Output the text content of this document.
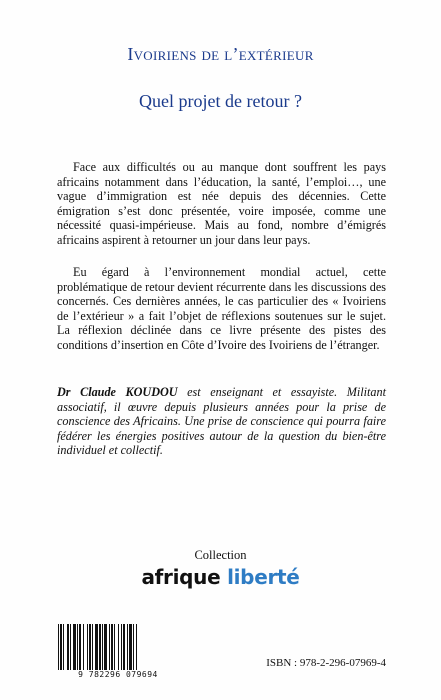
Ivoiriens de l’extérieur
Quel projet de retour ?

Face aux difficultés ou au manque dont souffrent les pays africains notamment dans l’éducation, la santé, l’emploi…, une vague d’immigration est née depuis des décennies. Cette émigration s’est donc présentée, voire imposée, comme une nécessité quasi-impérieuse. Mais au fond, nombre d’émigrés africains aspirent à retourner un jour dans leur pays.

Eu égard à l’environnement mondial actuel, cette problématique de retour devient récurrente dans les discussions des concernés. Ces dernières années, le cas particulier des « Ivoiriens de l’extérieur » a fait l’objet de réflexions soutenues sur le sujet. La réflexion déclinée dans ce livre présente des pistes des conditions d’insertion en Côte d’Ivoire des Ivoiriens de l’étranger.

Dr Claude KOUDOU est enseignant et essayiste. Militant associatif, il œuvre depuis plusieurs années pour la prise de conscience des Africains. Une prise de conscience qui pourra faire fédérer les énergies positives autour de la question du bien-être individuel et collectif.

Collection
afrique liberté
9 782296 079694
ISBN : 978-2-296-07969-4
